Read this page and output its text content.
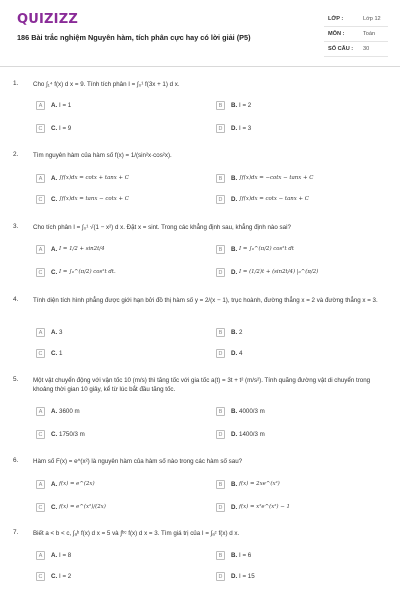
QUIZIZZ
186 Bài trắc nghiệm Nguyên hàm, tích phân cực hay có lời giải (P5)
LỚP :	Lớp 12
MÔN :	Toán
SỐ CÂU : 30
1. Cho ∫₁⁴ f(x) d x = 9. Tính tích phân I = ∫₀¹ f(3x + 1) d x.
A	A. I = 1	B	B. I = 2
C	C. I = 9	D	D. I = 3
2. Tìm nguyên hàm của hàm số f(x) = 1/(sin²x·cos²x).
A	A. ∫f(x)dx = cotx + tanx + C	B	B. ∫f(x)dx = −cotx − tanx + C
C	C. ∫f(x)dx = tanx − cotx + C	D	D. ∫f(x)dx = cotx − tanx + C
3. Cho tích phân I = ∫₀¹ √(1 − x²) d x. Đặt x = sint. Trong các khẳng định sau, khẳng định nào sai?
A	A. I = 1/2 + sin2t/4	B	B. I = ∫₀^(π/2) cos²t dt
C	C. I = ∫₀^(π/2) cos²t dt.	D	D. I = (1/2)t + (sin2t/4) |₀^(π/2)
4. Tính diện tích hình phẳng được giới hạn bởi đồ thị hàm số y = 2/(x − 1), trục hoành, đường thẳng x = 2 và đường thẳng x = 3.
A	A. 3	B	B. 2
C	C. 1	D	D. 4
5. Một vật chuyển động với vận tốc 10 (m/s) thì tăng tốc với gia tốc a(t) = 3t + t² (m/s²). Tính quãng đường vật di chuyển trong khoảng thời gian 10 giây, kể từ lúc bắt đầu tăng tốc.
A	A. 3600 m	B	B. 4000/3 m
C	C. 1750/3 m	D	D. 1400/3 m
6. Hàm số F(x) = e^(x²) là nguyên hàm của hàm số nào trong các hàm số sau?
A	A. f(x) = e^(2x)	B	B. f(x) = 2xe^(x²)
C	C. f(x) = e^(x²)/(2x)	D	D. f(x) = x²e^(x²) − 1
7. Biết a < b < c, ∫ₐᵇ f(x) d x = 5 và ∫ᵇᶜ f(x) d x = 3. Tìm giá trị của I = ∫ₐᶜ f(x) d x.
A	A. I = 8	B	B. I = 6
C	C. I = 2	D	D. I = 15
